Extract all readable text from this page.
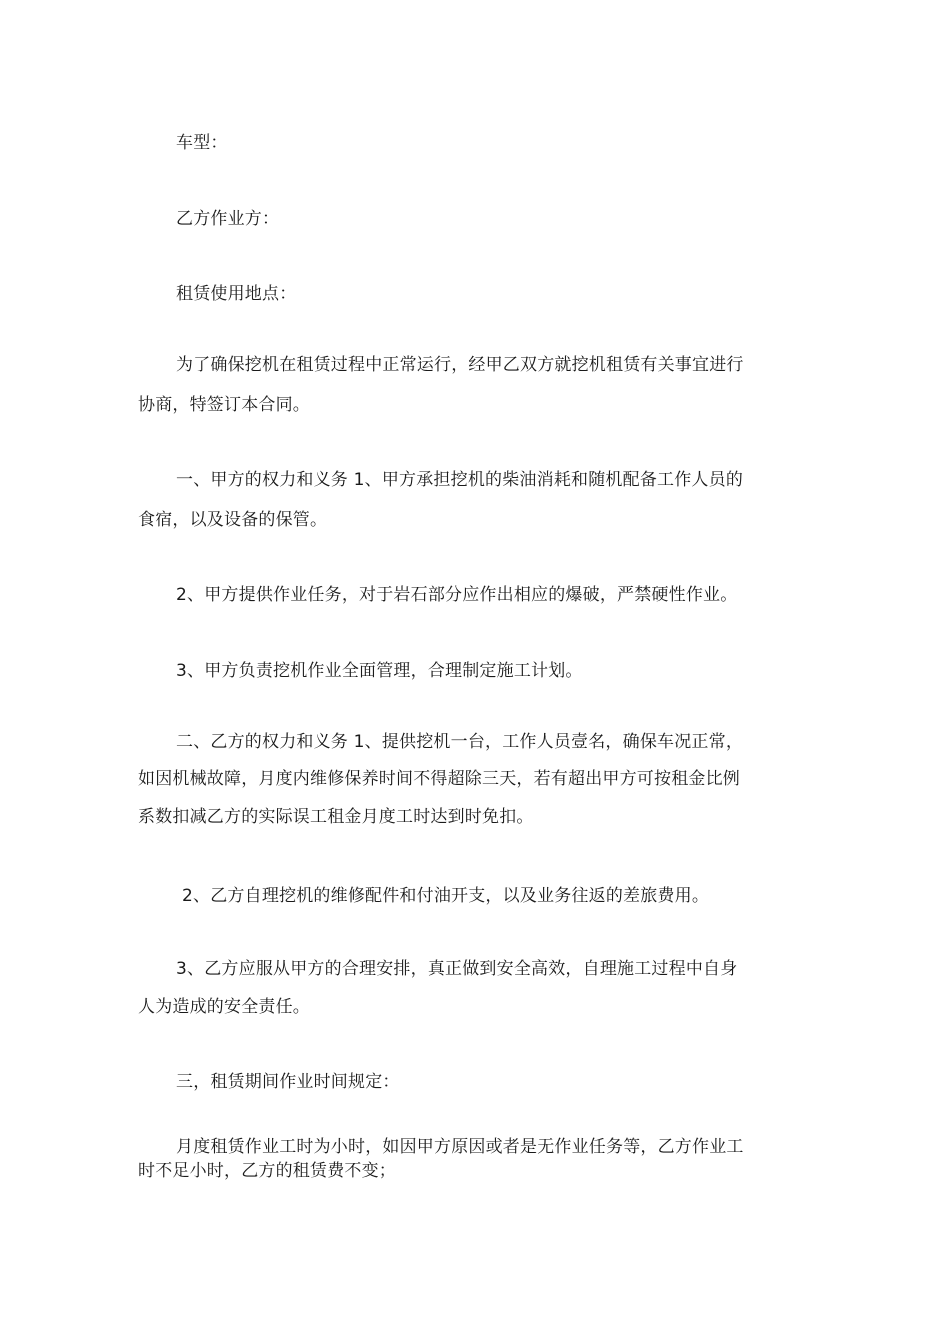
车型：
乙方作业方：
租赁使用地点：
为了确保挖机在租赁过程中正常运行，经甲乙双方就挖机租赁有关事宜进行
协商，特签订本合同。
一、甲方的权力和义务 1、甲方承担挖机的柴油消耗和随机配备工作人员的
食宿，以及设备的保管。
2、甲方提供作业任务，对于岩石部分应作出相应的爆破，严禁硬性作业。
3、甲方负责挖机作业全面管理，合理制定施工计划。
二、乙方的权力和义务 1、提供挖机一台，工作人员壹名，确保车况正常，
如因机械故障，月度内维修保养时间不得超除三天，若有超出甲方可按租金比例
系数扣减乙方的实际误工租金月度工时达到时免扣。
2、乙方自理挖机的维修配件和付油开支，以及业务往返的差旅费用。
3、乙方应服从甲方的合理安排，真正做到安全高效，自理施工过程中自身
人为造成的安全责任。
三，租赁期间作业时间规定：
月度租赁作业工时为小时，如因甲方原因或者是无作业任务等，乙方作业工
时不足小时，乙方的租赁费不变；
